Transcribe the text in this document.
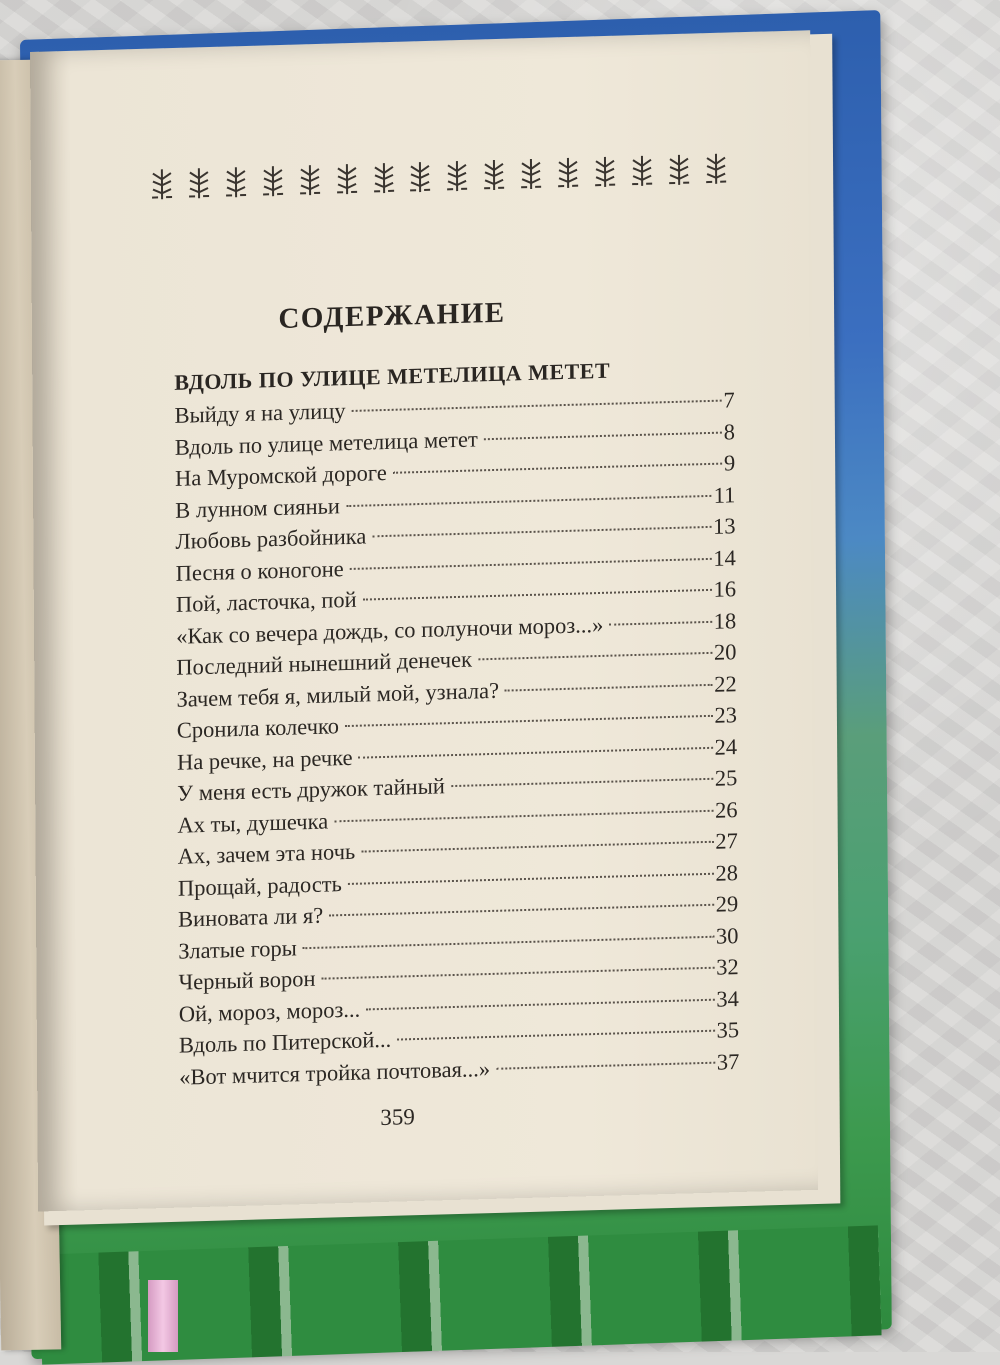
СОДЕРЖАНИЕ
ВДОЛЬ ПО УЛИЦЕ МЕТЕЛИЦА МЕТЕТ
Выйду я на улицу	7
Вдоль по улице метелица метет	8
На Муромской дороге	9
В лунном сияньи	11
Любовь разбойника	13
Песня о коногоне	14
Пой, ласточка, пой	16
«Как со вечера дождь, со полуночи мороз...»	18
Последний нынешний денечек	20
Зачем тебя я, милый мой, узнала?	22
Сронила колечко	23
На речке, на речке	24
У меня есть дружок тайный	25
Ах ты, душечка	26
Ах, зачем эта ночь	27
Прощай, радость	28
Виновата ли я?	29
Златые горы	30
Черный ворон	32
Ой, мороз, мороз...	34
Вдоль по Питерской...	35
«Вот мчится тройка почтовая...»	37
359
